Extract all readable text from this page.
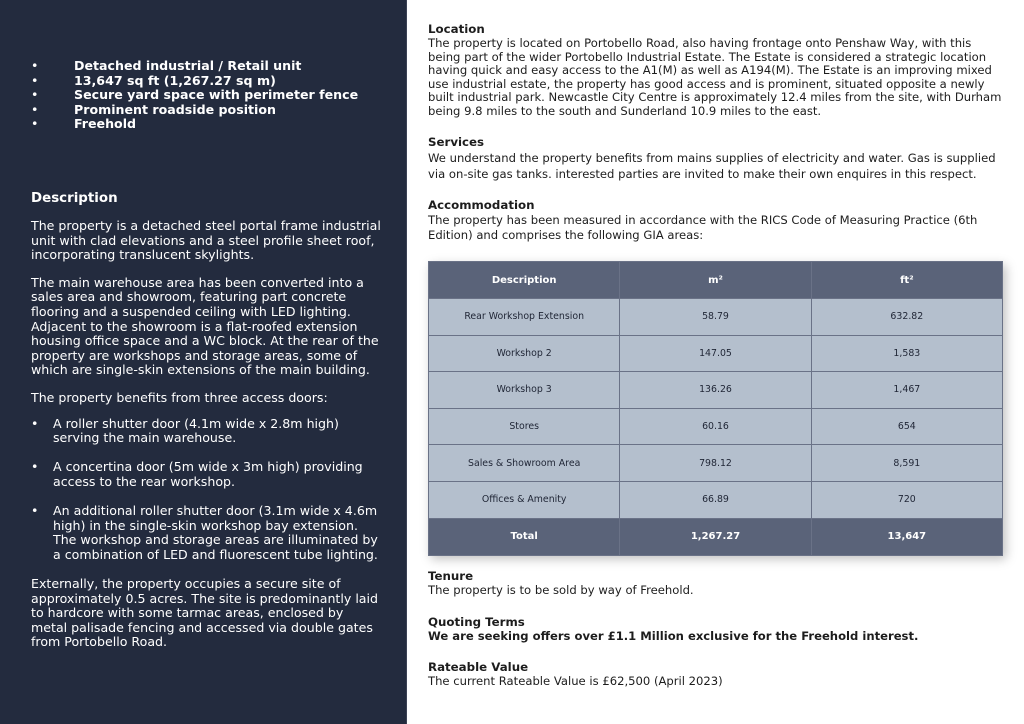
• Detached industrial / Retail unit
• 13,647 sq ft (1,267.27 sq m)
• Secure yard space with perimeter fence
• Prominent roadside position
• Freehold
Description

The property is a detached steel portal frame industrial unit with clad elevations and a steel profile sheet roof, incorporating translucent skylights.

The main warehouse area has been converted into a sales area and showroom, featuring part concrete flooring and a suspended ceiling with LED lighting. Adjacent to the showroom is a flat-roofed extension housing office space and a WC block. At the rear of the property are workshops and storage areas, some of which are single-skin extensions of the main building.

The property benefits from three access doors:

• A roller shutter door (4.1m wide x 2.8m high) serving the main warehouse.
• A concertina door (5m wide x 3m high) providing access to the rear workshop.
• An additional roller shutter door (3.1m wide x 4.6m high) in the single-skin workshop bay extension. The workshop and storage areas are illuminated by a combination of LED and fluorescent tube lighting.

Externally, the property occupies a secure site of approximately 0.5 acres. The site is predominantly laid to hardcore with some tarmac areas, enclosed by metal palisade fencing and accessed via double gates from Portobello Road.

Location

The property is located on Portobello Road, also having frontage onto Penshaw Way, with this being part of the wider Portobello Industrial Estate. The Estate is considered a strategic location having quick and easy access to the A1(M) as well as A194(M). The Estate is an improving mixed use industrial estate, the property has good access and is prominent, situated opposite a newly built industrial park. Newcastle City Centre is approximately 12.4 miles from the site, with Durham being 9.8 miles to the south and Sunderland 10.9 miles to the east.

Services

We understand the property benefits from mains supplies of electricity and water. Gas is supplied via on-site gas tanks. interested parties are invited to make their own enquires in this respect.

Accommodation

The property has been measured in accordance with the RICS Code of Measuring Practice (6th Edition) and comprises the following GIA areas:

Description	m²	ft²
Rear Workshop Extension	58.79	632.82
Workshop 2	147.05	1,583
Workshop 3	136.26	1,467
Stores	60.16	654
Sales & Showroom Area	798.12	8,591
Offices & Amenity	66.89	720
Total	1,267.27	13,647
Tenure

The property is to be sold by way of Freehold.

Quoting Terms

We are seeking offers over £1.1 Million exclusive for the Freehold interest.

Rateable Value

The current Rateable Value is £62,500 (April 2023)
